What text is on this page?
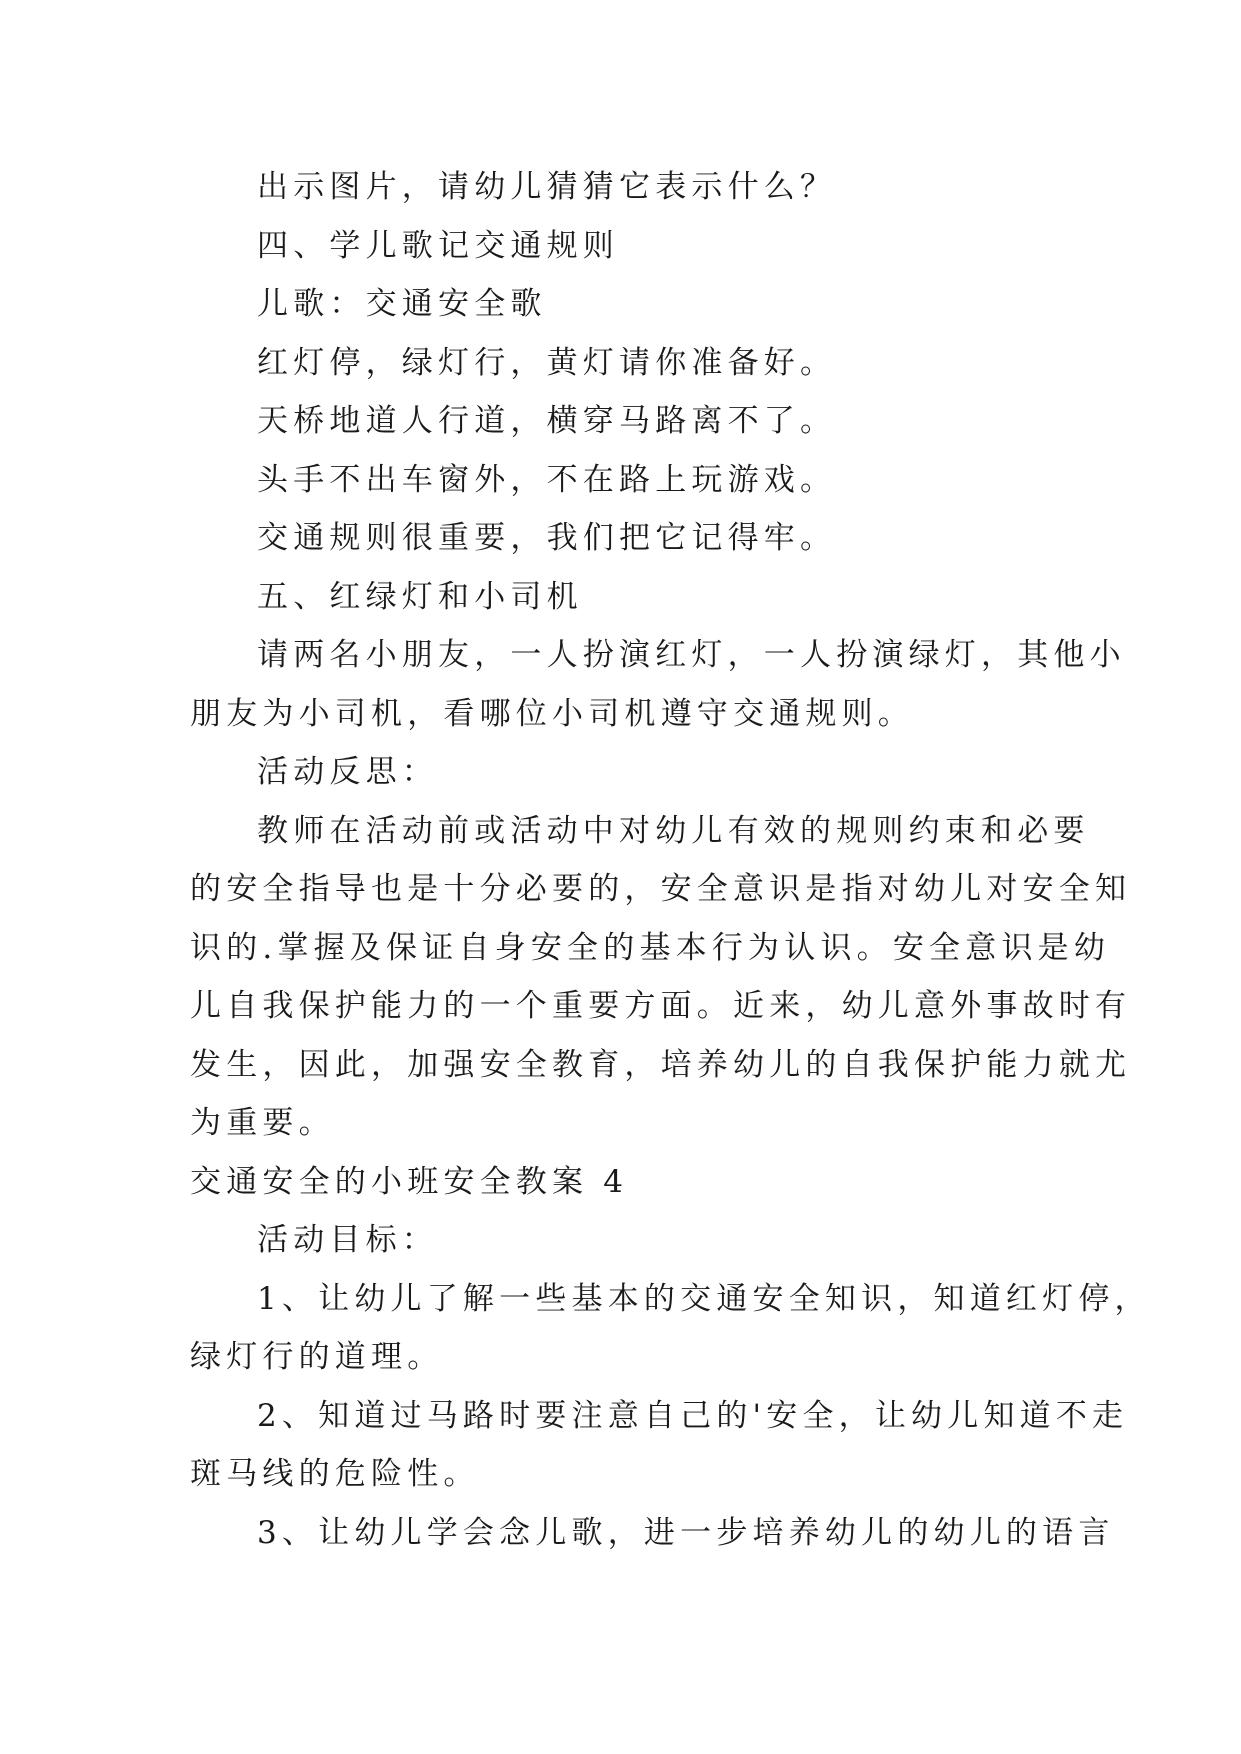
出示图片，请幼儿猜猜它表示什么？
四、学儿歌记交通规则
儿歌：交通安全歌
红灯停，绿灯行，黄灯请你准备好。
天桥地道人行道，横穿马路离不了。
头手不出车窗外，不在路上玩游戏。
交通规则很重要，我们把它记得牢。
五、红绿灯和小司机
请两名小朋友，一人扮演红灯，一人扮演绿灯，其他小
朋友为小司机，看哪位小司机遵守交通规则。
活动反思：
教师在活动前或活动中对幼儿有效的规则约束和必要
的安全指导也是十分必要的，安全意识是指对幼儿对安全知
识的.掌握及保证自身安全的基本行为认识。安全意识是幼
儿自我保护能力的一个重要方面。近来，幼儿意外事故时有
发生，因此，加强安全教育，培养幼儿的自我保护能力就尤
为重要。
交通安全的小班安全教案 4
活动目标：
1、让幼儿了解一些基本的交通安全知识，知道红灯停，
绿灯行的道理。
2、知道过马路时要注意自己的'安全，让幼儿知道不走
斑马线的危险性。
3、让幼儿学会念儿歌，进一步培养幼儿的幼儿的语言
